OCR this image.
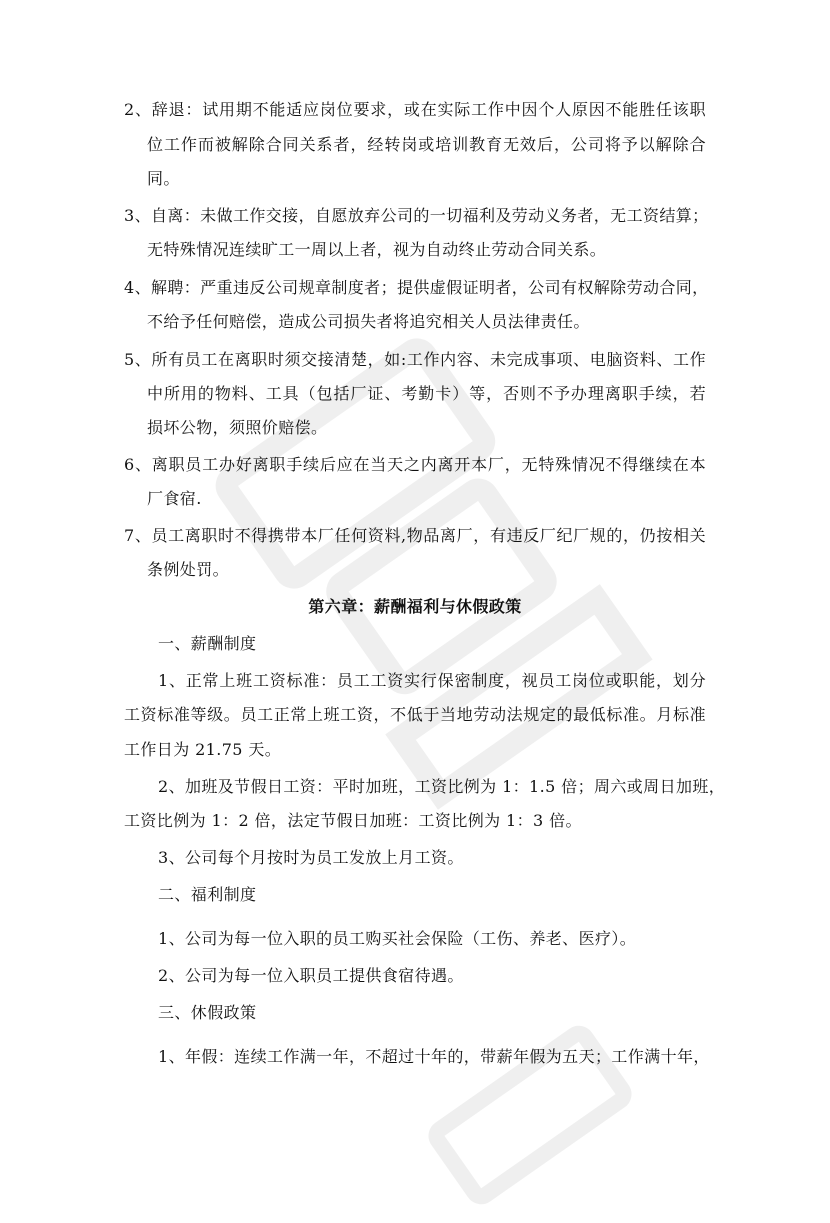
2、辞退：试用期不能适应岗位要求，或在实际工作中因个人原因不能胜任该职
位工作而被解除合同关系者，经转岗或培训教育无效后，公司将予以解除合
同。
3、自离：未做工作交接，自愿放弃公司的一切福利及劳动义务者，无工资结算；
无特殊情况连续旷工一周以上者，视为自动终止劳动合同关系。
4、解聘：严重违反公司规章制度者；提供虚假证明者，公司有权解除劳动合同，
不给予任何赔偿，造成公司损失者将追究相关人员法律责任。
5、所有员工在离职时须交接清楚，如:工作内容、未完成事项、电脑资料、工作
中所用的物料、工具（包括厂证、考勤卡）等，否则不予办理离职手续，若
损坏公物，须照价赔偿。
6、离职员工办好离职手续后应在当天之内离开本厂，无特殊情况不得继续在本
厂食宿.
7、员工离职时不得携带本厂任何资料,物品离厂，有违反厂纪厂规的，仍按相关
条例处罚。
第六章：薪酬福利与休假政策
一、薪酬制度
1、正常上班工资标准：员工工资实行保密制度，视员工岗位或职能，划分
工资标准等级。员工正常上班工资，不低于当地劳动法规定的最低标准。月标准
工作日为 21.75 天。
2、加班及节假日工资：平时加班，工资比例为 1：1.5 倍；周六或周日加班，
工资比例为 1：2 倍，法定节假日加班：工资比例为 1：3 倍。
3、公司每个月按时为员工发放上月工资。
二、福利制度
1、公司为每一位入职的员工购买社会保险（工伤、养老、医疗）。
2、公司为每一位入职员工提供食宿待遇。
三、休假政策
1、年假：连续工作满一年，不超过十年的，带薪年假为五天；工作满十年，
